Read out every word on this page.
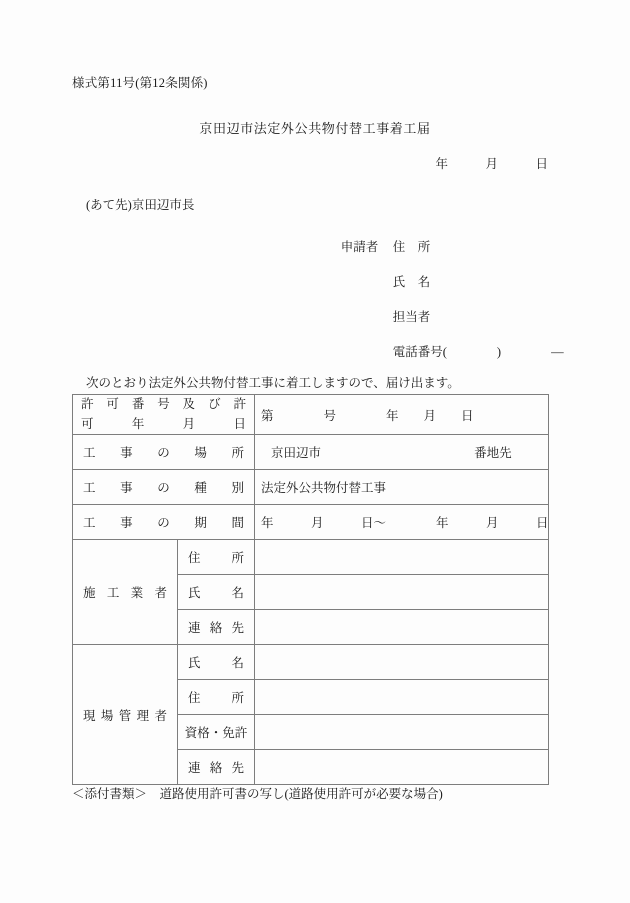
様式第11号(第12条関係)
京田辺市法定外公共物付替工事着工届
年　　　月　　　日
(あて先)京田辺市長

申請者 住　所

氏　名

担当者

電話番号(　　　　)　　　　―

次のとおり法定外公共物付替工事に着工しますので、届け出ます。
許可番号及び許
可　年　月　日		第　　　　号　　　　年　　月　　日

工事の場所		京田辺市 番地先

工事の種別		法定外公共物付替工事

工事の期間		年　　　月　　　日〜　　　　年　　　月　　　日

施工業者	住　所	

	氏　名	

	連絡先	

現場管理者	氏　名	

	住　所	

	資格・免許	

	連絡先	

＜添付書類＞　道路使用許可書の写し(道路使用許可が必要な場合)
